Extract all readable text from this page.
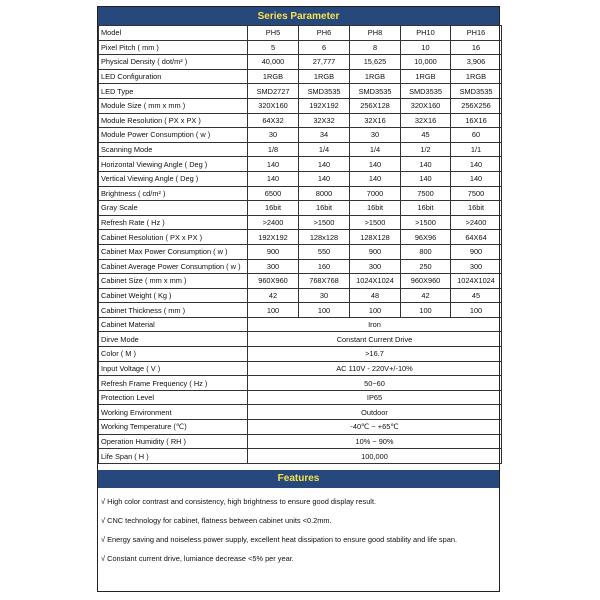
Series Parameter
Model	PH5	PH6	PH8	PH10	PH16
Pixel Pitch ( mm )	5	6	8	10	16
Physical Density ( dot/m² )	40,000	27,777	15,625	10,000	3,906
LED Configuration	1RGB	1RGB	1RGB	1RGB	1RGB
LED Type	SMD2727	SMD3535	SMD3535	SMD3535	SMD3535
Module Size ( mm x mm )	320X160	192X192	256X128	320X160	256X256
Module Resolution ( PX x PX )	64X32	32X32	32X16	32X16	16X16
Module Power Consumption ( w )	30	34	30	45	60
Scanning Mode	1/8	1/4	1/4	1/2	1/1
Horizontal Viewing Angle ( Deg )	140	140	140	140	140
Vertical Viewing Angle ( Deg )	140	140	140	140	140
Brightness ( cd/m² )	6500	8000	7000	7500	7500
Gray Scale	16bit	16bit	16bit	16bit	16bit
Refresh Rate ( Hz )	>2400	>1500	>1500	>1500	>2400
Cabinet Resolution ( PX x PX )	192X192	128x128	128X128	96X96	64X64
Cabinet Max Power Consumption ( w )	900	550	900	800	900
Cabinet Average Power Consumption ( w )	300	160	300	250	300
Cabinet Size ( mm x mm )	960X960	768X768	1024X1024	960X960	1024X1024
Cabinet Weight ( Kg )	42	30	48	42	45
Cabinet Thickness ( mm )	100	100	100	100	100
Cabinet Material	Iron				
Dirve Mode	Constant Current Drive				
Color ( M )	>16.7				
Input Voltage ( V )	AC 110V - 220V+/-10%				
Refresh Frame Frequency ( Hz )	50~60				
Protection Level	IP65				
Working Environment	Outdoor				
Working Temperature (℃)	-40℃ ~ +65℃				
Operation Humidity ( RH )	10% ~ 90%				
Life Span ( H )	100,000				
Features
√ High color contrast and consistency, high brightness to ensure good display result.
√ CNC technology for cabinet, flatness between cabinet units <0.2mm.
√ Energy saving and noiseless power supply, excellent heat dissipation to ensure good stability and life span.
√ Constant current drive, lumiance decrease <5% per year.
